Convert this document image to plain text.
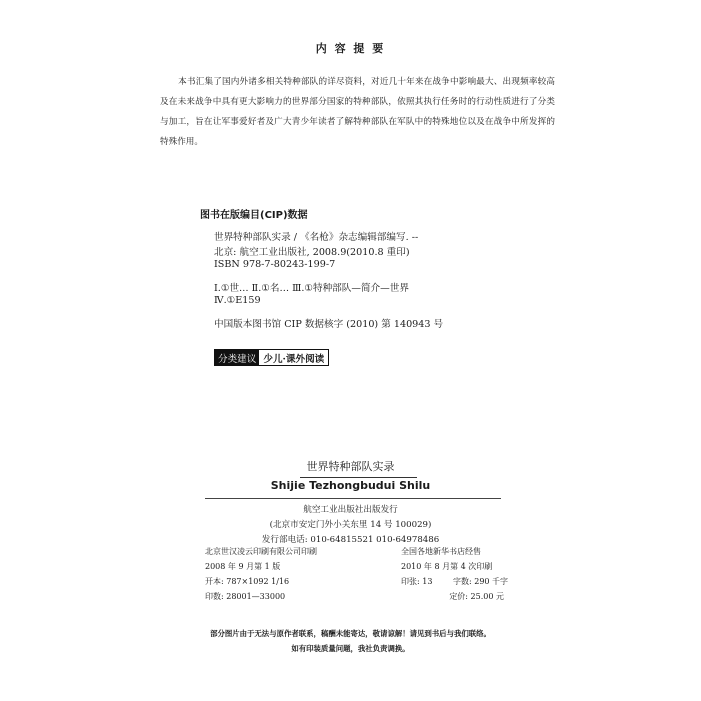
内 容 提 要
本书汇集了国内外诸多相关特种部队的详尽资料，对近几十年来在战争中影响最大、出现频率较高及在未来战争中具有更大影响力的世界部分国家的特种部队，依照其执行任务时的行动性质进行了分类与加工，旨在让军事爱好者及广大青少年读者了解特种部队在军队中的特殊地位以及在战争中所发挥的特殊作用。
图书在版编目(CIP)数据
世界特种部队实录 / 《名枪》杂志编辑部编写. --
北京: 航空工业出版社, 2008.9(2010.8 重印)
ISBN 978-7-80243-199-7
Ⅰ.①世… Ⅱ.①名… Ⅲ.①特种部队—简介—世界
Ⅳ.①E159
中国版本图书馆 CIP 数据核字 (2010) 第 140943 号
分类建议 少儿·课外阅读
世界特种部队实录
Shijie Tezhongbudui Shilu
航空工业出版社出版发行
(北京市安定门外小关东里 14 号 100029)
发行部电话: 010-64815521 010-64978486
北京世汉凌云印刷有限公司印刷	全国各地新华书店经售
2008 年 9 月第 1 版	2010 年 8 月第 4 次印刷
开本: 787×1092 1/16	印张: 13	字数: 290 千字
印数: 28001—33000	定价: 25.00 元
部分图片由于无法与原作者联系，稿酬未能寄达，敬请谅解！请见到书后与我们联络。
如有印装质量问题，我社负责调换。
